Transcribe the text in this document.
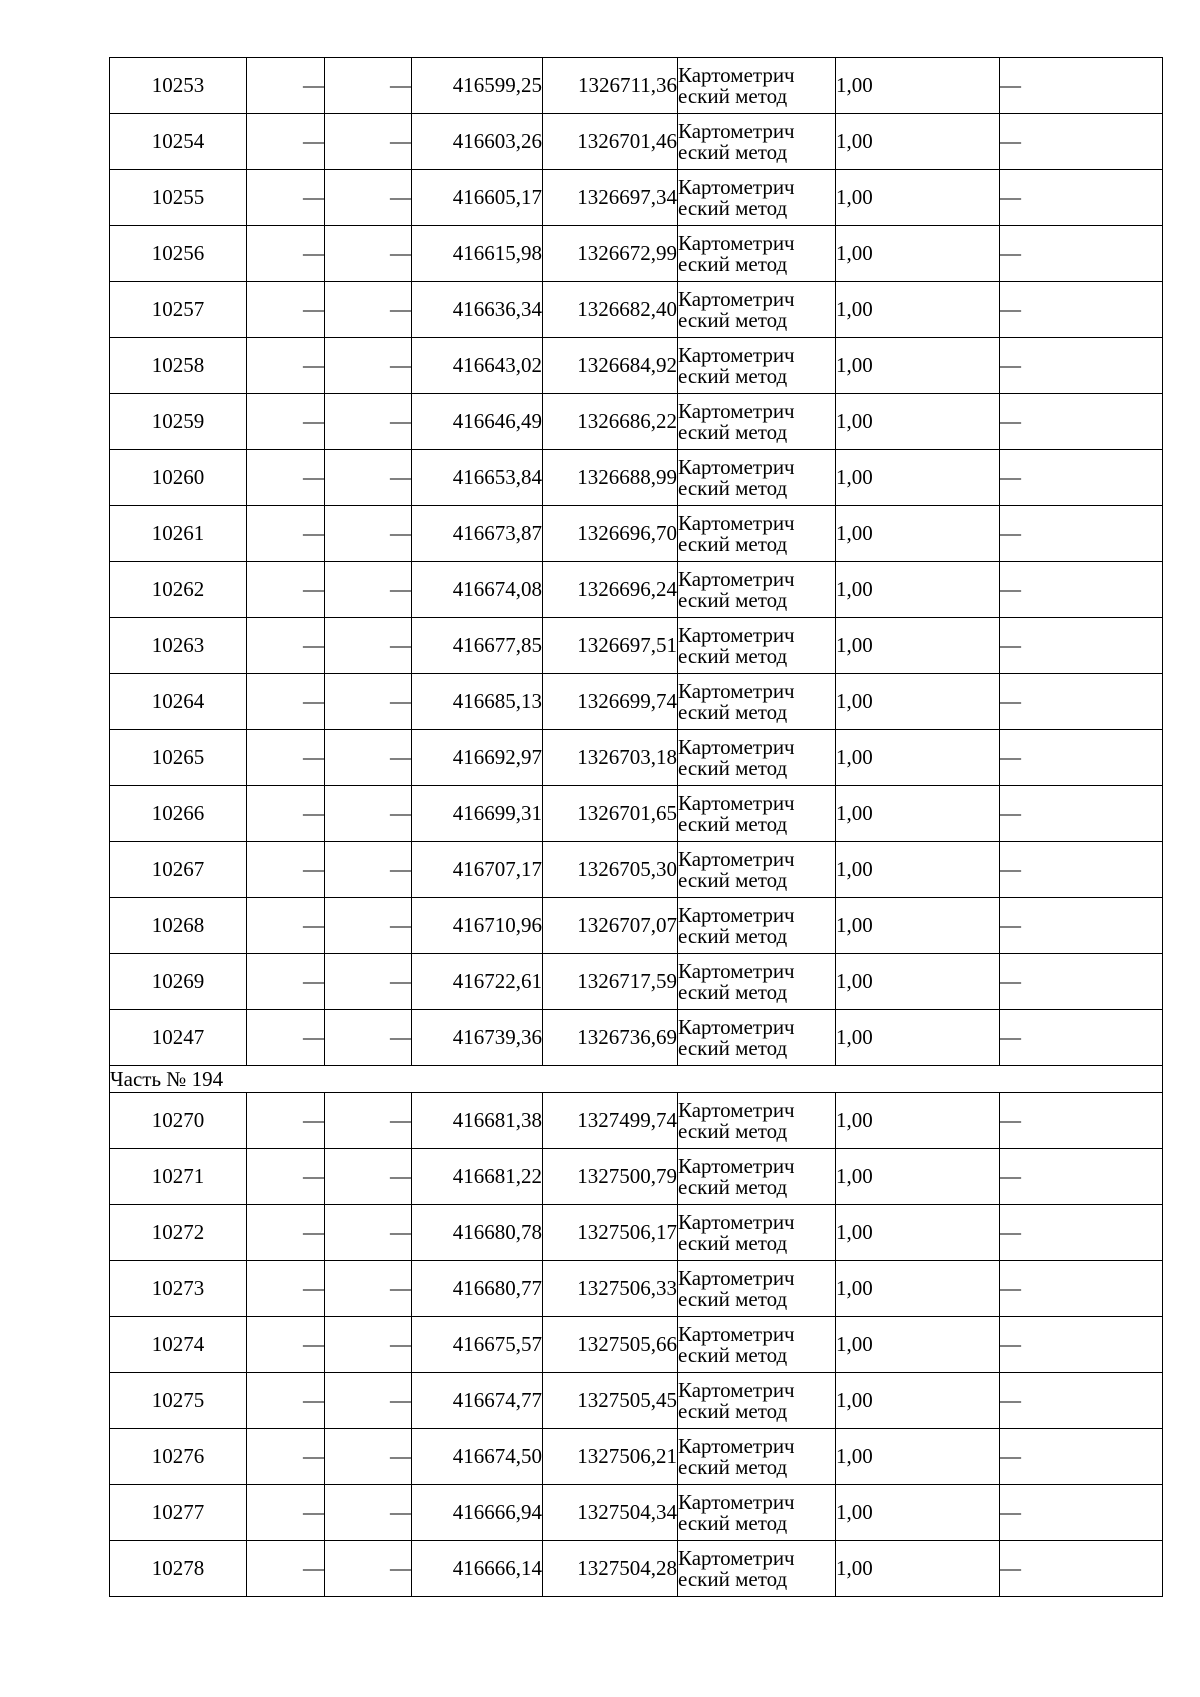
10253	—	—	416599,25	1326711,36	Картометрич
еский метод	1,00	—
10254	—	—	416603,26	1326701,46	Картометрич
еский метод	1,00	—
10255	—	—	416605,17	1326697,34	Картометрич
еский метод	1,00	—
10256	—	—	416615,98	1326672,99	Картометрич
еский метод	1,00	—
10257	—	—	416636,34	1326682,40	Картометрич
еский метод	1,00	—
10258	—	—	416643,02	1326684,92	Картометрич
еский метод	1,00	—
10259	—	—	416646,49	1326686,22	Картометрич
еский метод	1,00	—
10260	—	—	416653,84	1326688,99	Картометрич
еский метод	1,00	—
10261	—	—	416673,87	1326696,70	Картометрич
еский метод	1,00	—
10262	—	—	416674,08	1326696,24	Картометрич
еский метод	1,00	—
10263	—	—	416677,85	1326697,51	Картометрич
еский метод	1,00	—
10264	—	—	416685,13	1326699,74	Картометрич
еский метод	1,00	—
10265	—	—	416692,97	1326703,18	Картометрич
еский метод	1,00	—
10266	—	—	416699,31	1326701,65	Картометрич
еский метод	1,00	—
10267	—	—	416707,17	1326705,30	Картометрич
еский метод	1,00	—
10268	—	—	416710,96	1326707,07	Картометрич
еский метод	1,00	—
10269	—	—	416722,61	1326717,59	Картометрич
еский метод	1,00	—
10247	—	—	416739,36	1326736,69	Картометрич
еский метод	1,00	—
Часть № 194							
10270	—	—	416681,38	1327499,74	Картометрич
еский метод	1,00	—
10271	—	—	416681,22	1327500,79	Картометрич
еский метод	1,00	—
10272	—	—	416680,78	1327506,17	Картометрич
еский метод	1,00	—
10273	—	—	416680,77	1327506,33	Картометрич
еский метод	1,00	—
10274	—	—	416675,57	1327505,66	Картометрич
еский метод	1,00	—
10275	—	—	416674,77	1327505,45	Картометрич
еский метод	1,00	—
10276	—	—	416674,50	1327506,21	Картометрич
еский метод	1,00	—
10277	—	—	416666,94	1327504,34	Картометрич
еский метод	1,00	—
10278	—	—	416666,14	1327504,28	Картометрич
еский метод	1,00	—
